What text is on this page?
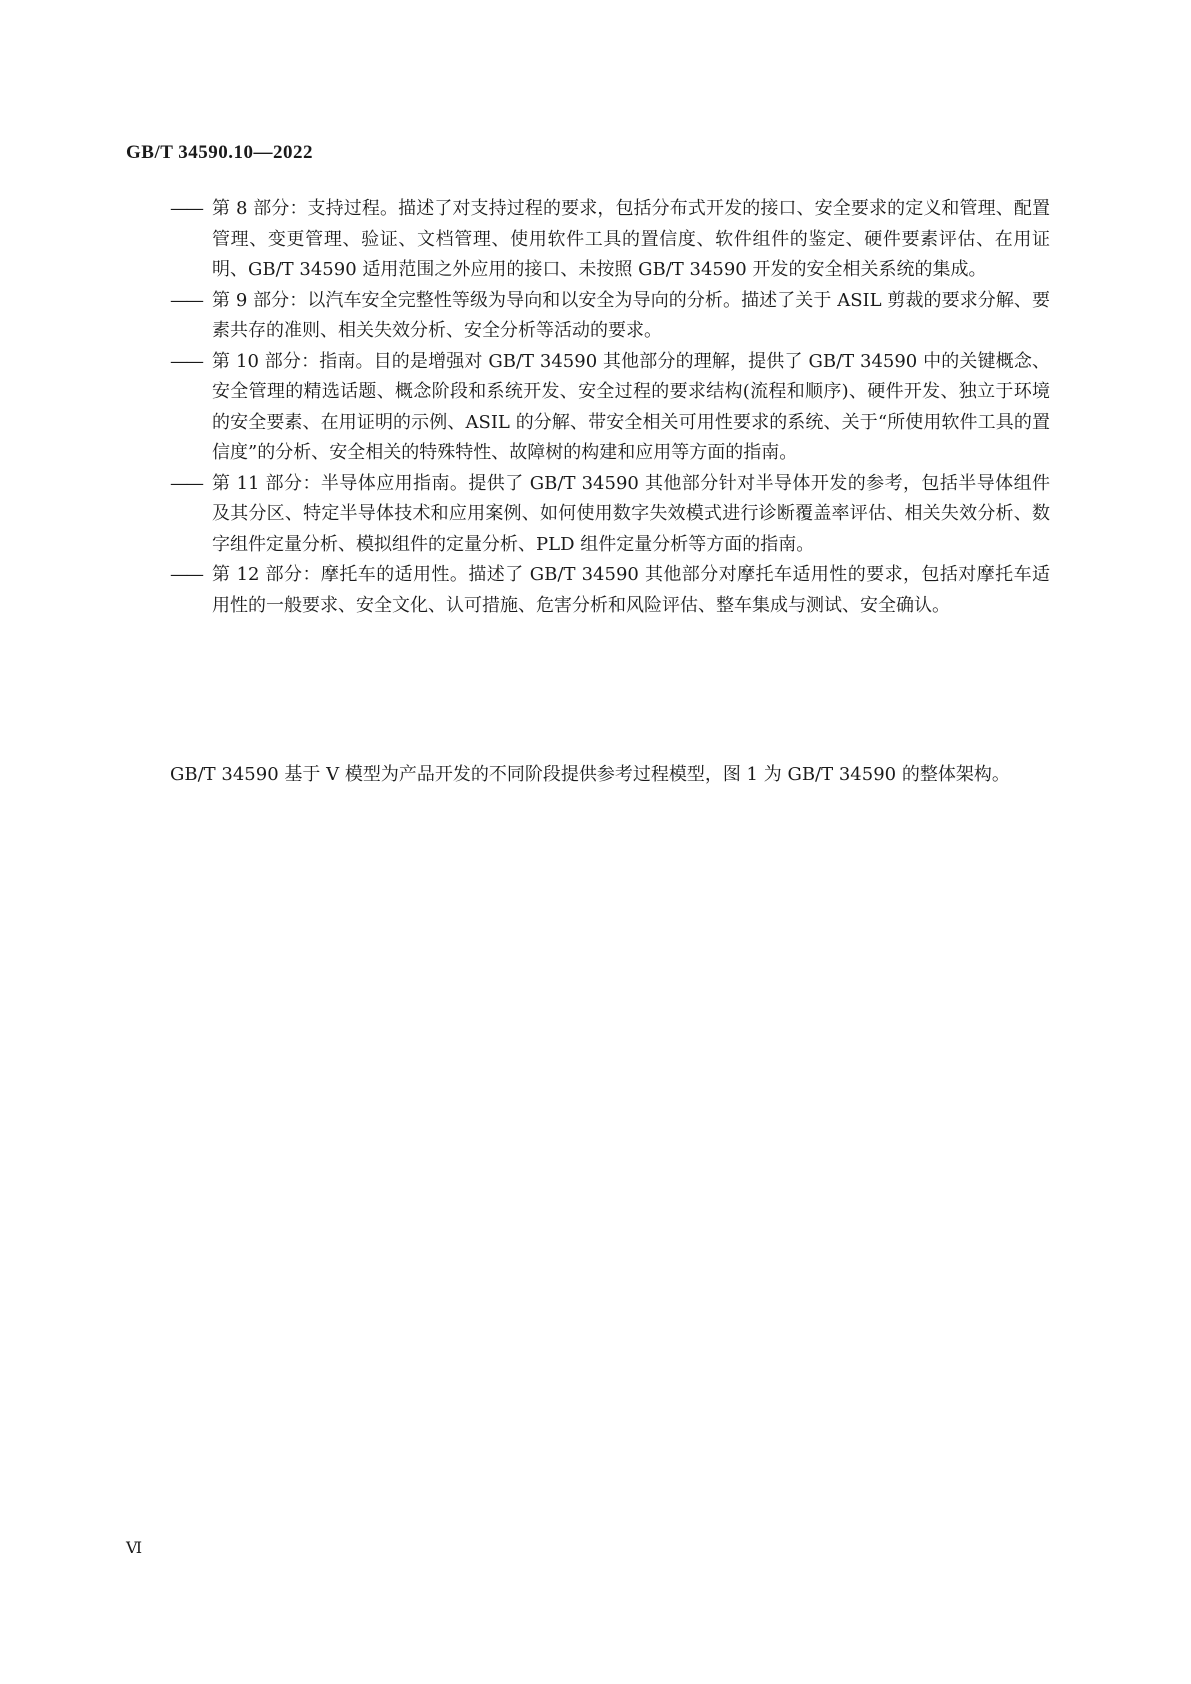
GB/T 34590.10—2022

—— 第 8 部分：支持过程。描述了对支持过程的要求，包括分布式开发的接口、安全要求的定义和管理、配置管理、变更管理、验证、文档管理、使用软件工具的置信度、软件组件的鉴定、硬件要素评估、在用证明、GB/T 34590 适用范围之外应用的接口、未按照 GB/T 34590 开发的安全相关系统的集成。

—— 第 9 部分：以汽车安全完整性等级为导向和以安全为导向的分析。描述了关于 ASIL 剪裁的要求分解、要素共存的准则、相关失效分析、安全分析等活动的要求。

—— 第 10 部分：指南。目的是增强对 GB/T 34590 其他部分的理解，提供了 GB/T 34590 中的关键概念、安全管理的精选话题、概念阶段和系统开发、安全过程的要求结构(流程和顺序)、硬件开发、独立于环境的安全要素、在用证明的示例、ASIL 的分解、带安全相关可用性要求的系统、关于“所使用软件工具的置信度”的分析、安全相关的特殊特性、故障树的构建和应用等方面的指南。

—— 第 11 部分：半导体应用指南。提供了 GB/T 34590 其他部分针对半导体开发的参考，包括半导体组件及其分区、特定半导体技术和应用案例、如何使用数字失效模式进行诊断覆盖率评估、相关失效分析、数字组件定量分析、模拟组件的定量分析、PLD 组件定量分析等方面的指南。

—— 第 12 部分：摩托车的适用性。描述了 GB/T 34590 其他部分对摩托车适用性的要求，包括对摩托车适用性的一般要求、安全文化、认可措施、危害分析和风险评估、整车集成与测试、安全确认。

GB/T 34590 基于 V 模型为产品开发的不同阶段提供参考过程模型，图 1 为 GB/T 34590 的整体架构。

Ⅵ
